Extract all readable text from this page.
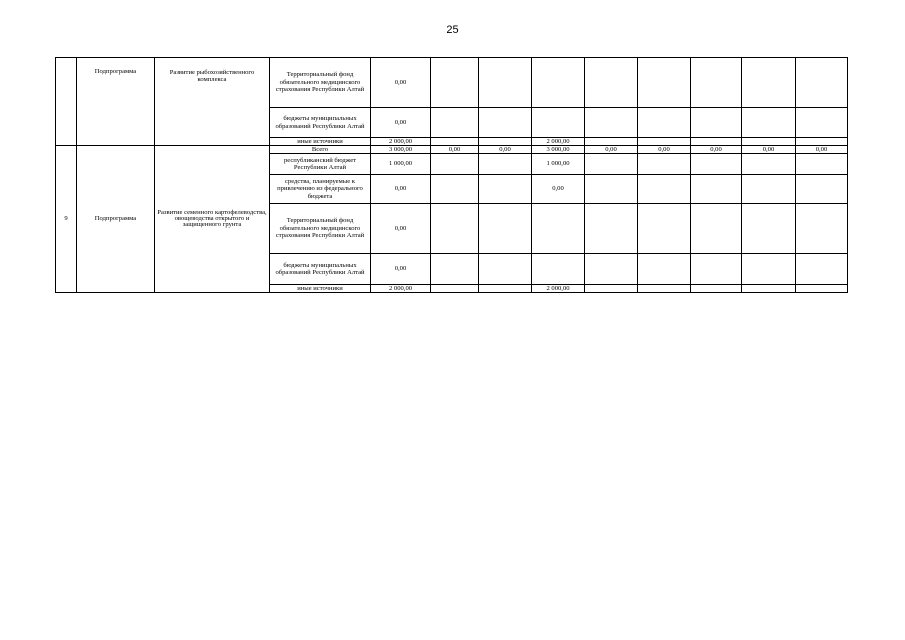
25
	Подпрограмма	Развитие рыбохозяйственного комплекса	Территориальный фонд обязательного медицинского страхования Республики Алтай	0,00								
			бюджеты муниципальных образований Республики Алтай	0,00								
			иные источники	2 000,00			2 000,00					
9	Подпрограмма	Развитие семенного картофелеводства, овощеводства открытого и защищенного грунта	Всего	3 000,00	0,00	0,00	3 000,00	0,00	0,00	0,00	0,00	0,00
			республиканский бюджет Республики Алтай	1 000,00			1 000,00					
			средства, планируемые к привлечению из федерального бюджета	0,00			0,00					
			Территориальный фонд обязательного медицинского страхования Республики Алтай	0,00								
			бюджеты муниципальных образований Республики Алтай	0,00								
			иные источники	2 000,00			2 000,00					
